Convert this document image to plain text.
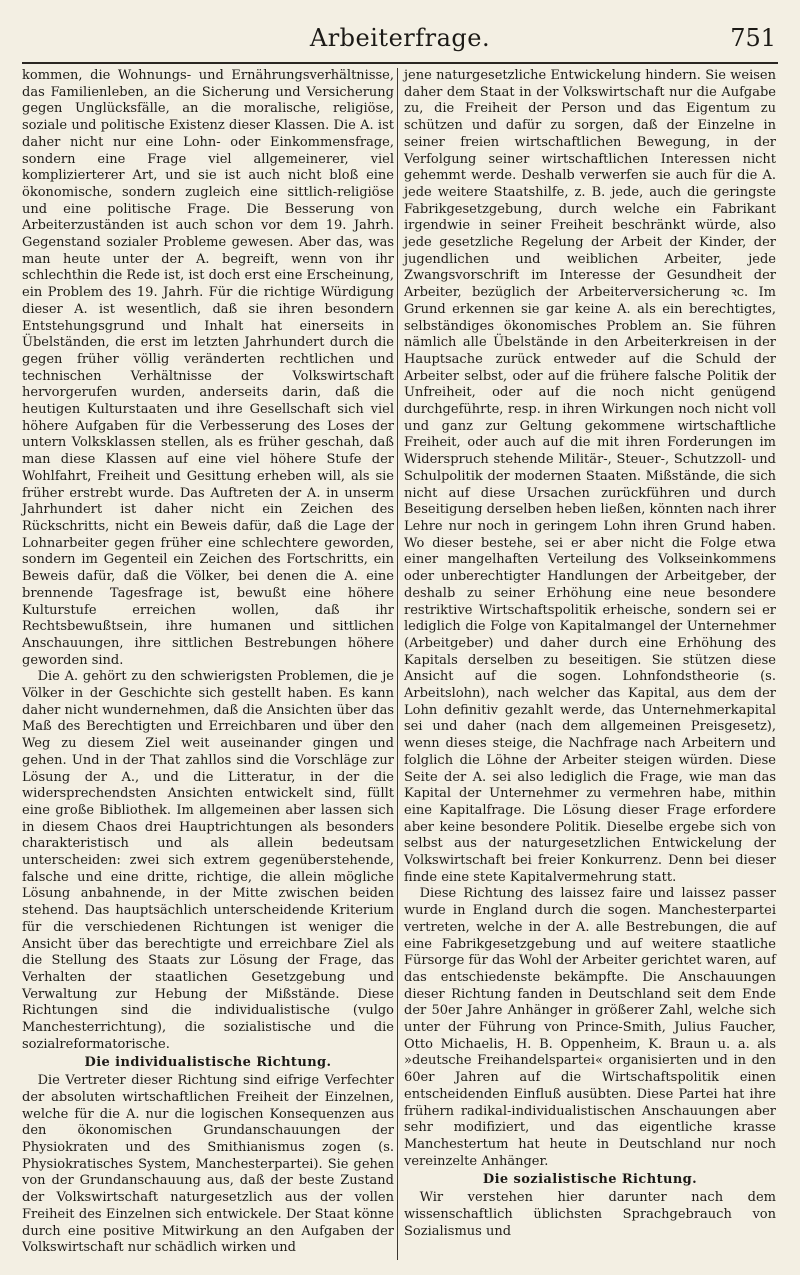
Arbeiterfrage.	751

kommen, die Wohnungs- und Ernährungsverhältnisse, das Familienleben, an die Sicherung und Versicherung gegen Unglücksfälle, an die moralische, religiöse, soziale und politische Existenz dieser Klassen. Die A. ist daher nicht nur eine Lohn- oder Einkommensfrage, sondern eine Frage viel allgemeinerer, viel komplizierterer Art, und sie ist auch nicht bloß eine ökonomische, sondern zugleich eine sittlich-religiöse und eine politische Frage. Die Besserung von Arbeiterzuständen ist auch schon vor dem 19. Jahrh. Gegenstand sozialer Probleme gewesen. Aber das, was man heute unter der A. begreift, wenn von ihr schlechthin die Rede ist, ist doch erst eine Erscheinung, ein Problem des 19. Jahrh. Für die richtige Würdigung dieser A. ist wesentlich, daß sie ihren besondern Entstehungsgrund und Inhalt hat einerseits in Übelständen, die erst im letzten Jahrhundert durch die gegen früher völlig veränderten rechtlichen und technischen Verhältnisse der Volkswirtschaft hervorgerufen wurden, anderseits darin, daß die heutigen Kulturstaaten und ihre Gesellschaft sich viel höhere Aufgaben für die Verbesserung des Loses der untern Volksklassen stellen, als es früher geschah, daß man diese Klassen auf eine viel höhere Stufe der Wohlfahrt, Freiheit und Gesittung erheben will, als sie früher erstrebt wurde. Das Auftreten der A. in unserm Jahrhundert ist daher nicht ein Zeichen des Rückschritts, nicht ein Beweis dafür, daß die Lage der Lohnarbeiter gegen früher eine schlechtere geworden, sondern im Gegenteil ein Zeichen des Fortschritts, ein Beweis dafür, daß die Völker, bei denen die A. eine brennende Tagesfrage ist, bewußt eine höhere Kulturstufe erreichen wollen, daß ihr Rechtsbewußtsein, ihre humanen und sittlichen Anschauungen, ihre sittlichen Bestrebungen höhere geworden sind.

Die A. gehört zu den schwierigsten Problemen, die je Völker in der Geschichte sich gestellt haben. Es kann daher nicht wundernehmen, daß die Ansichten über das Maß des Berechtigten und Erreichbaren und über den Weg zu diesem Ziel weit auseinander gingen und gehen. Und in der That zahllos sind die Vorschläge zur Lösung der A., und die Litteratur, in der die widersprechendsten Ansichten entwickelt sind, füllt eine große Bibliothek. Im allgemeinen aber lassen sich in diesem Chaos drei Hauptrichtungen als besonders charakteristisch und als allein bedeutsam unterscheiden: zwei sich extrem gegenüberstehende, falsche und eine dritte, richtige, die allein mögliche Lösung anbahnende, in der Mitte zwischen beiden stehend. Das hauptsächlich unterscheidende Kriterium für die verschiedenen Richtungen ist weniger die Ansicht über das berechtigte und erreichbare Ziel als die Stellung des Staats zur Lösung der Frage, das Verhalten der staatlichen Gesetzgebung und Verwaltung zur Hebung der Mißstände. Diese Richtungen sind die individualistische (vulgo Manchesterrichtung), die sozialistische und die sozialreformatorische.

Die individualistische Richtung.

Die Vertreter dieser Richtung sind eifrige Verfechter der absoluten wirtschaftlichen Freiheit der Einzelnen, welche für die A. nur die logischen Konsequenzen aus den ökonomischen Grundanschauungen der Physiokraten und des Smithianismus zogen (s. Physiokratisches System, Manchesterpartei). Sie gehen von der Grundanschauung aus, daß der beste Zustand der Volkswirtschaft naturgesetzlich aus der vollen Freiheit des Einzelnen sich entwickele. Der Staat könne durch eine positive Mitwirkung an den Aufgaben der Volkswirtschaft nur schädlich wirken und

jene naturgesetzliche Entwickelung hindern. Sie weisen daher dem Staat in der Volkswirtschaft nur die Aufgabe zu, die Freiheit der Person und das Eigentum zu schützen und dafür zu sorgen, daß der Einzelne in seiner freien wirtschaftlichen Bewegung, in der Verfolgung seiner wirtschaftlichen Interessen nicht gehemmt werde. Deshalb verwerfen sie auch für die A. jede weitere Staatshilfe, z. B. jede, auch die geringste Fabrikgesetzgebung, durch welche ein Fabrikant irgendwie in seiner Freiheit beschränkt würde, also jede gesetzliche Regelung der Arbeit der Kinder, der jugendlichen und weiblichen Arbeiter, jede Zwangsvorschrift im Interesse der Gesundheit der Arbeiter, bezüglich der Arbeiterversicherung ꝛc. Im Grund erkennen sie gar keine A. als ein berechtigtes, selbständiges ökonomisches Problem an. Sie führen nämlich alle Übelstände in den Arbeiterkreisen in der Hauptsache zurück entweder auf die Schuld der Arbeiter selbst, oder auf die frühere falsche Politik der Unfreiheit, oder auf die noch nicht genügend durchgeführte, resp. in ihren Wirkungen noch nicht voll und ganz zur Geltung gekommene wirtschaftliche Freiheit, oder auch auf die mit ihren Forderungen im Widerspruch stehende Militär-, Steuer-, Schutzzoll- und Schulpolitik der modernen Staaten. Mißstände, die sich nicht auf diese Ursachen zurückführen und durch Beseitigung derselben heben ließen, könnten nach ihrer Lehre nur noch in geringem Lohn ihren Grund haben. Wo dieser bestehe, sei er aber nicht die Folge etwa einer mangelhaften Verteilung des Volkseinkommens oder unberechtigter Handlungen der Arbeitgeber, der deshalb zu seiner Erhöhung eine neue besondere restriktive Wirtschaftspolitik erheische, sondern sei er lediglich die Folge von Kapitalmangel der Unternehmer (Arbeitgeber) und daher durch eine Erhöhung des Kapitals derselben zu beseitigen. Sie stützen diese Ansicht auf die sogen. Lohnfondstheorie (s. Arbeitslohn), nach welcher das Kapital, aus dem der Lohn definitiv gezahlt werde, das Unternehmerkapital sei und daher (nach dem allgemeinen Preisgesetz), wenn dieses steige, die Nachfrage nach Arbeitern und folglich die Löhne der Arbeiter steigen würden. Diese Seite der A. sei also lediglich die Frage, wie man das Kapital der Unternehmer zu vermehren habe, mithin eine Kapitalfrage. Die Lösung dieser Frage erfordere aber keine besondere Politik. Dieselbe ergebe sich von selbst aus der naturgesetzlichen Entwickelung der Volkswirtschaft bei freier Konkurrenz. Denn bei dieser finde eine stete Kapitalvermehrung statt.

Diese Richtung des laissez faire und laissez passer wurde in England durch die sogen. Manchesterpartei vertreten, welche in der A. alle Bestrebungen, die auf eine Fabrikgesetzgebung und auf weitere staatliche Fürsorge für das Wohl der Arbeiter gerichtet waren, auf das entschiedenste bekämpfte. Die Anschauungen dieser Richtung fanden in Deutschland seit dem Ende der 50er Jahre Anhänger in größerer Zahl, welche sich unter der Führung von Prince-Smith, Julius Faucher, Otto Michaelis, H. B. Oppenheim, K. Braun u. a. als »deutsche Freihandelspartei« organisierten und in den 60er Jahren auf die Wirtschaftspolitik einen entscheidenden Einfluß ausübten. Diese Partei hat ihre frühern radikal-individualistischen Anschauungen aber sehr modifiziert, und das eigentliche krasse Manchestertum hat heute in Deutschland nur noch vereinzelte Anhänger.

Die sozialistische Richtung.

Wir verstehen hier darunter nach dem wissenschaftlich üblichsten Sprachgebrauch von Sozialismus und
